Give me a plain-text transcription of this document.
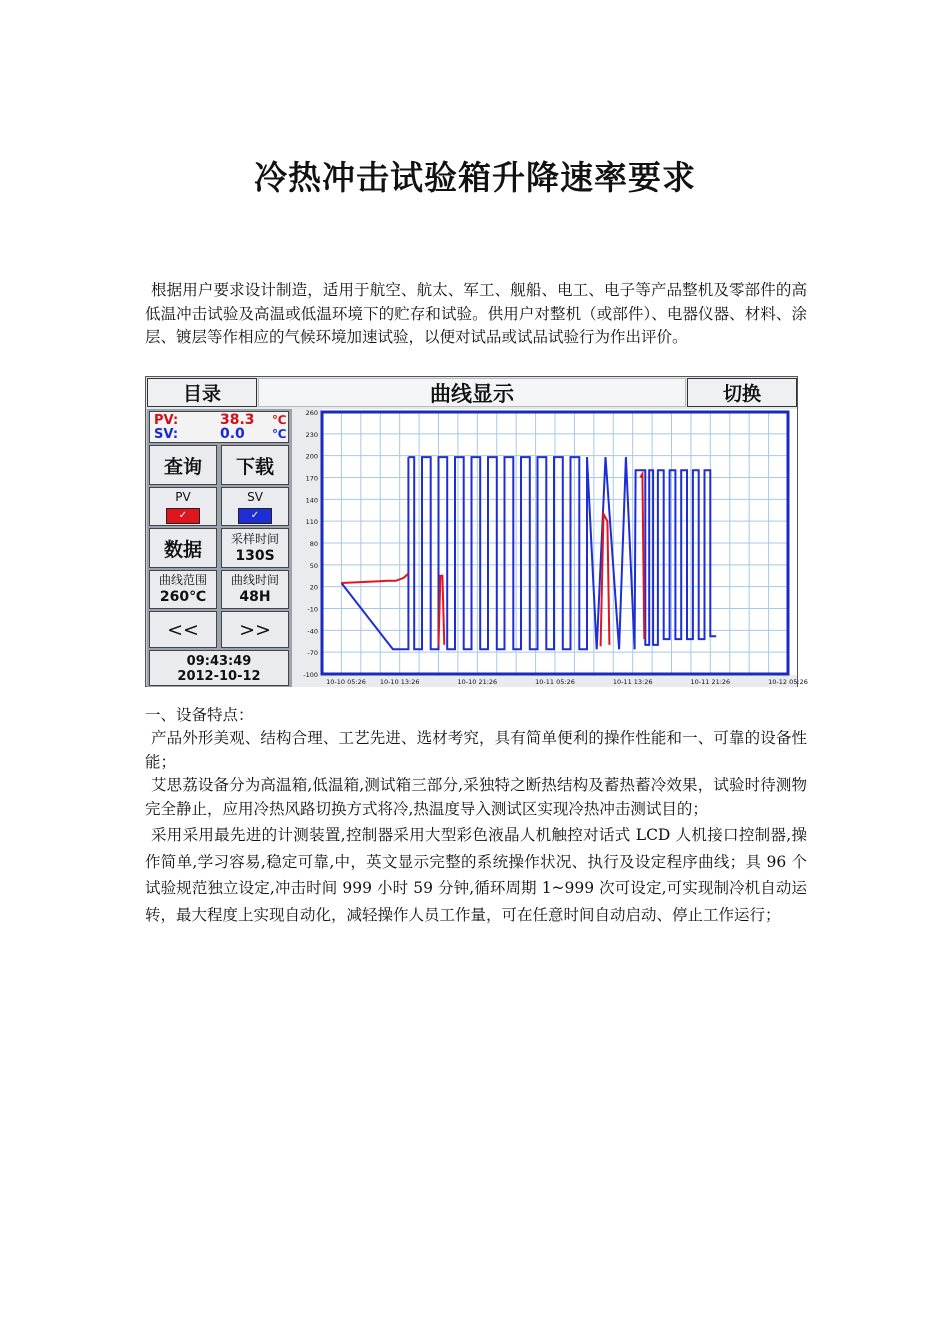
冷热冲击试验箱升降速率要求

根据用户要求设计制造，适用于航空、航太、军工、舰船、电工、电子等产品整机及零部件的高低温冲击试验及高温或低温环境下的贮存和试验。供用户对整机（或部件）、电器仪器、材料、涂层、镀层等作相应的气候环境加速试验，以便对试品或试品试验行为作出评价。

目录	曲线显示	切换
PV:	38.3 ℃
SV:	0.0 ℃
查询	下载
PV
✓
SV
✓
数据	采样时间
130S
曲线范围
260℃
曲线时间
48H
<<	>>
09:43:49
2012-10-12
260
230
200
170
140
110
80
50
20
-10
-40
-70
-100
10-10 05:26 10-10 13:26	10-10 21:26	10-11 05:26	10-11 13:26	10-11 21:26	10-12 05:26
一、设备特点：

产品外形美观、结构合理、工艺先进、选材考究，具有简单便利的操作性能和一、可靠的设备性能；

艾思荔设备分为高温箱,低温箱,测试箱三部分,采独特之断热结构及蓄热蓄冷效果，试验时待测物完全静止，应用冷热风路切换方式将冷,热温度导入测试区实现冷热冲击测试目的；

采用采用最先进的计测装置,控制器采用大型彩色液晶人机触控对话式 LCD 人机接口控制器,操作简单,学习容易,稳定可靠,中，英文显示完整的系统操作状况、执行及设定程序曲线；具 96 个试验规范独立设定,冲击时间 999 小时 59 分钟,循环周期 1~999 次可设定,可实现制冷机自动运转，最大程度上实现自动化，减轻操作人员工作量，可在任意时间自动启动、停止工作运行；
